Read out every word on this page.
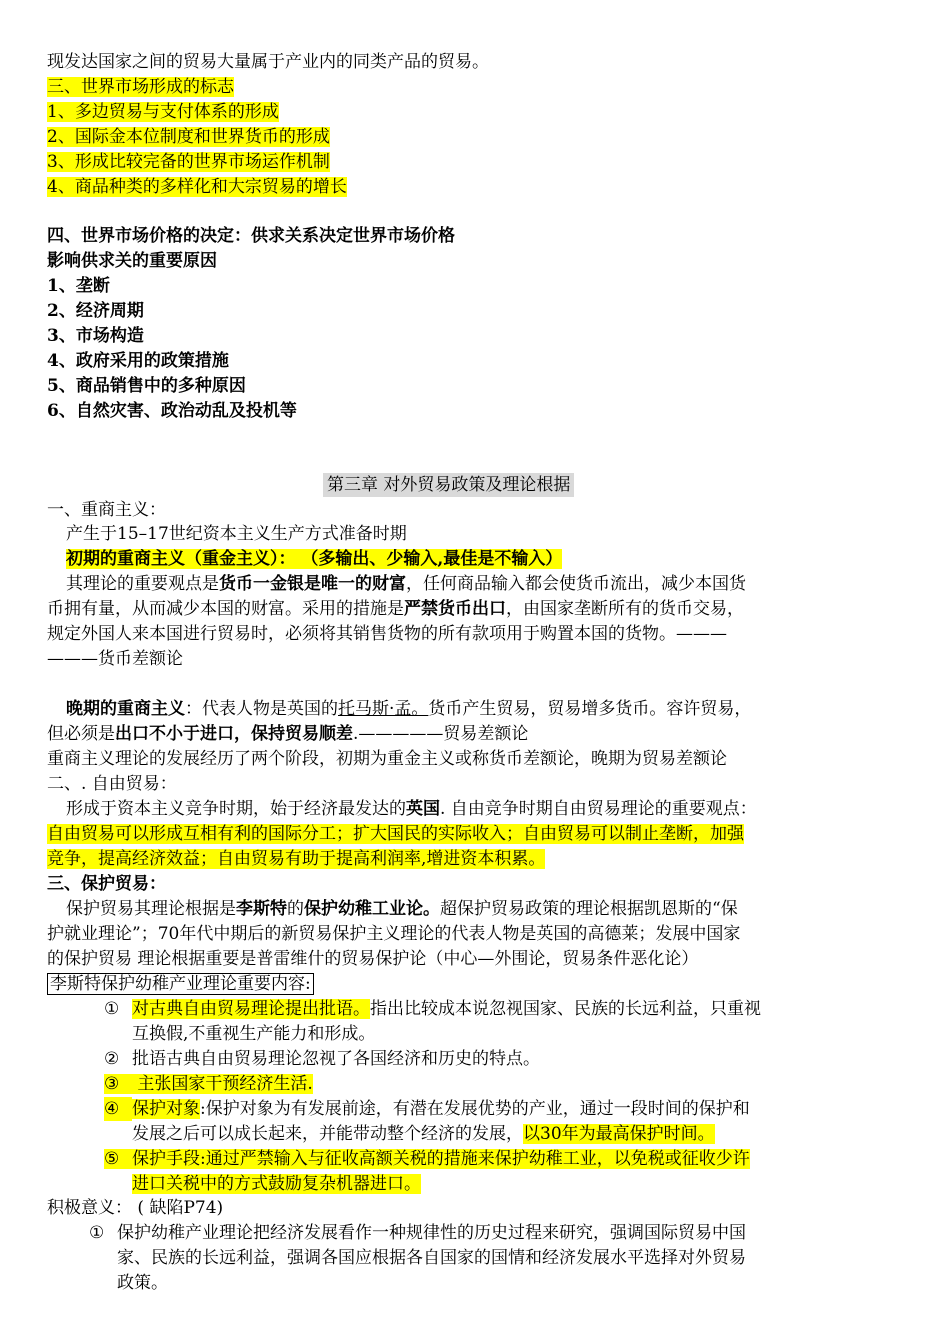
现发达国家之间的贸易大量属于产业内的同类产品的贸易。
三、世界市场形成的标志
1、多边贸易与支付体系的形成
2、国际金本位制度和世界货币的形成
3、形成比较完备的世界市场运作机制
4、商品种类的多样化和大宗贸易的增长
四、世界市场价格的决定：供求关系决定世界市场价格
影响供求关的重要原因
1、垄断
2、经济周期
3、市场构造
4、政府采用的政策措施
5、商品销售中的多种原因
6、自然灾害、政治动乱及投机等
第三章 对外贸易政策及理论根据
一、重商主义：
产生于15–17世纪资本主义生产方式准备时期
初期的重商主义（重金主义）： （多输出、少输入,最佳是不输入）
其理论的重要观点是货币一金银是唯一的财富，任何商品输入都会使货币流出，减少本国货
币拥有量，从而减少本国的财富。采用的措施是严禁货币出口，由国家垄断所有的货币交易，
规定外国人来本国进行贸易时，必须将其销售货物的所有款项用于购置本国的货物。———
———货币差额论
晚期的重商主义：代表人物是英国的托马斯·孟。货币产生贸易，贸易增多货币。容许贸易，
但必须是出口不小于进口，保持贸易顺差.—————贸易差额论
重商主义理论的发展经历了两个阶段，初期为重金主义或称货币差额论，晚期为贸易差额论
二、. 自由贸易：
形成于资本主义竞争时期，始于经济最发达的英国. 自由竞争时期自由贸易理论的重要观点：
自由贸易可以形成互相有利的国际分工；扩大国民的实际收入；自由贸易可以制止垄断，加强
竞争，提高经济效益；自由贸易有助于提高利润率,增进资本积累。
三、保护贸易：
保护贸易其理论根据是李斯特的保护幼稚工业论。超保护贸易政策的理论根据凯恩斯的“保
护就业理论”；70年代中期后的新贸易保护主义理论的代表人物是英国的高德莱；发展中国家
的保护贸易 理论根据重要是普雷维什的贸易保护论（中心—外围论，贸易条件恶化论）
李斯特保护幼稚产业理论重要内容:
① 对古典自由贸易理论提出批语。指出比较成本说忽视国家、民族的长远利益，只重视
互换假,不重视生产能力和形成。
② 批语古典自由贸易理论忽视了各国经济和历史的特点。
③ 主张国家干预经济生活.
④ 保护对象:保护对象为有发展前途，有潜在发展优势的产业，通过一段时间的保护和
发展之后可以成长起来，并能带动整个经济的发展，以30年为最高保护时间。
⑤ 保护手段:通过严禁输入与征收高额关税的措施来保护幼稚工业，以免税或征收少许
进口关税中的方式鼓励复杂机器进口。
积极意义： ( 缺陷P74)
① 保护幼稚产业理论把经济发展看作一种规律性的历史过程来研究，强调国际贸易中国
家、民族的长远利益，强调各国应根据各自国家的国情和经济发展水平选择对外贸易
政策。
